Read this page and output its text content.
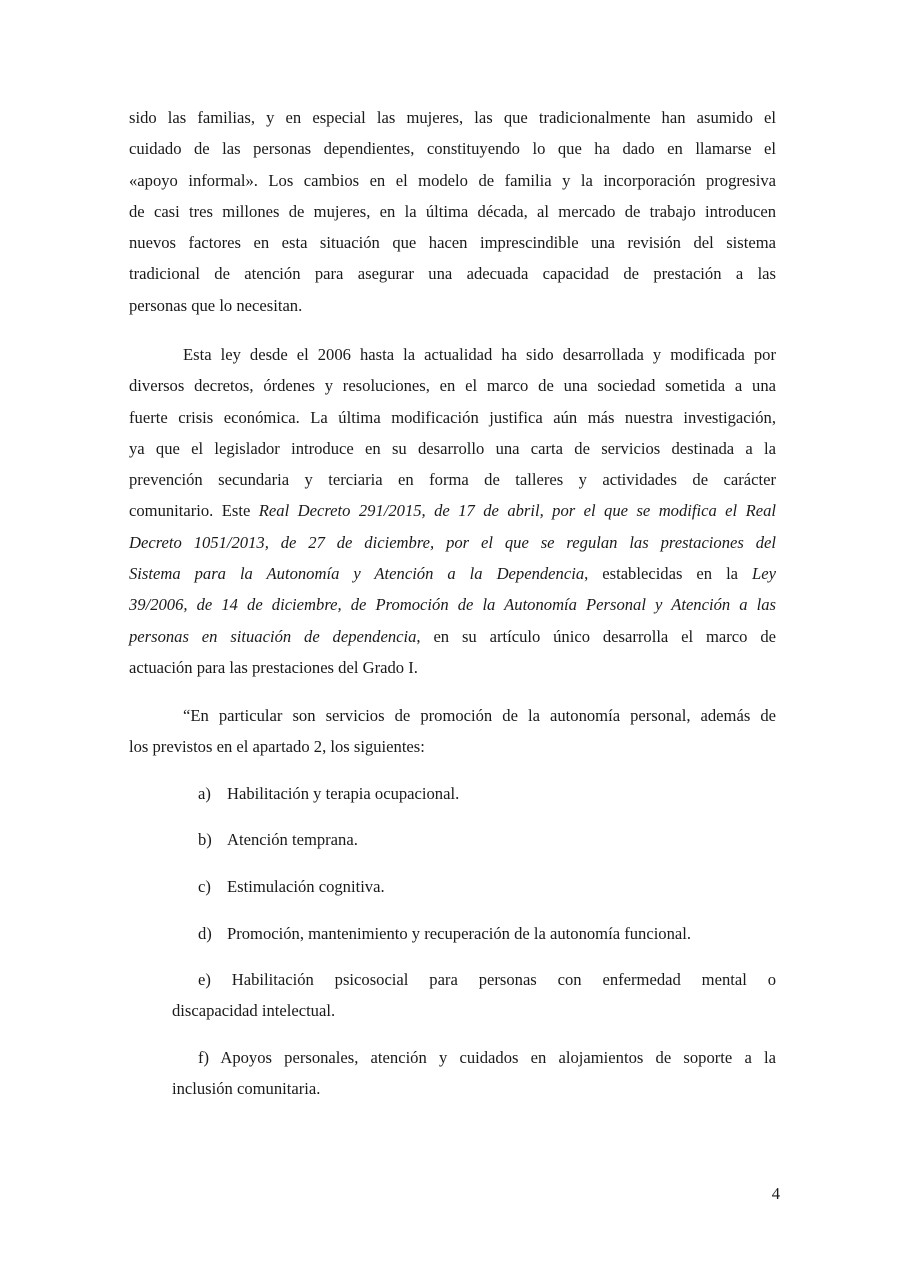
sido las familias, y en especial las mujeres, las que tradicionalmente han asumido el
cuidado de las personas dependientes, constituyendo lo que ha dado en llamarse el
«apoyo informal». Los cambios en el modelo de familia y la incorporación progresiva
de casi tres millones de mujeres, en la última década, al mercado de trabajo introducen
nuevos factores en esta situación que hacen imprescindible una revisión del sistema
tradicional de atención para asegurar una adecuada capacidad de prestación a las
personas que lo necesitan.
Esta ley desde el 2006 hasta la actualidad ha sido desarrollada y modificada por
diversos decretos, órdenes y resoluciones, en el marco de una sociedad sometida a una
fuerte crisis económica. La última modificación justifica aún más nuestra investigación,
ya que el legislador introduce en su desarrollo una carta de servicios destinada a la
prevención secundaria y terciaria en forma de talleres y actividades de carácter
comunitario. Este Real Decreto 291/2015, de 17 de abril, por el que se modifica el Real
Decreto 1051/2013, de 27 de diciembre, por el que se regulan las prestaciones del
Sistema para la Autonomía y Atención a la Dependencia, establecidas en la Ley
39/2006, de 14 de diciembre, de Promoción de la Autonomía Personal y Atención a las
personas en situación de dependencia, en su artículo único desarrolla el marco de
actuación para las prestaciones del Grado I.
“En particular son servicios de promoción de la autonomía personal, además de
los previstos en el apartado 2, los siguientes:
a) Habilitación y terapia ocupacional.
b) Atención temprana.
c) Estimulación cognitiva.
d) Promoción, mantenimiento y recuperación de la autonomía funcional.
e) Habilitación psicosocial para personas con enfermedad mental o
discapacidad intelectual.
f) Apoyos personales, atención y cuidados en alojamientos de soporte a la
inclusión comunitaria.
4
